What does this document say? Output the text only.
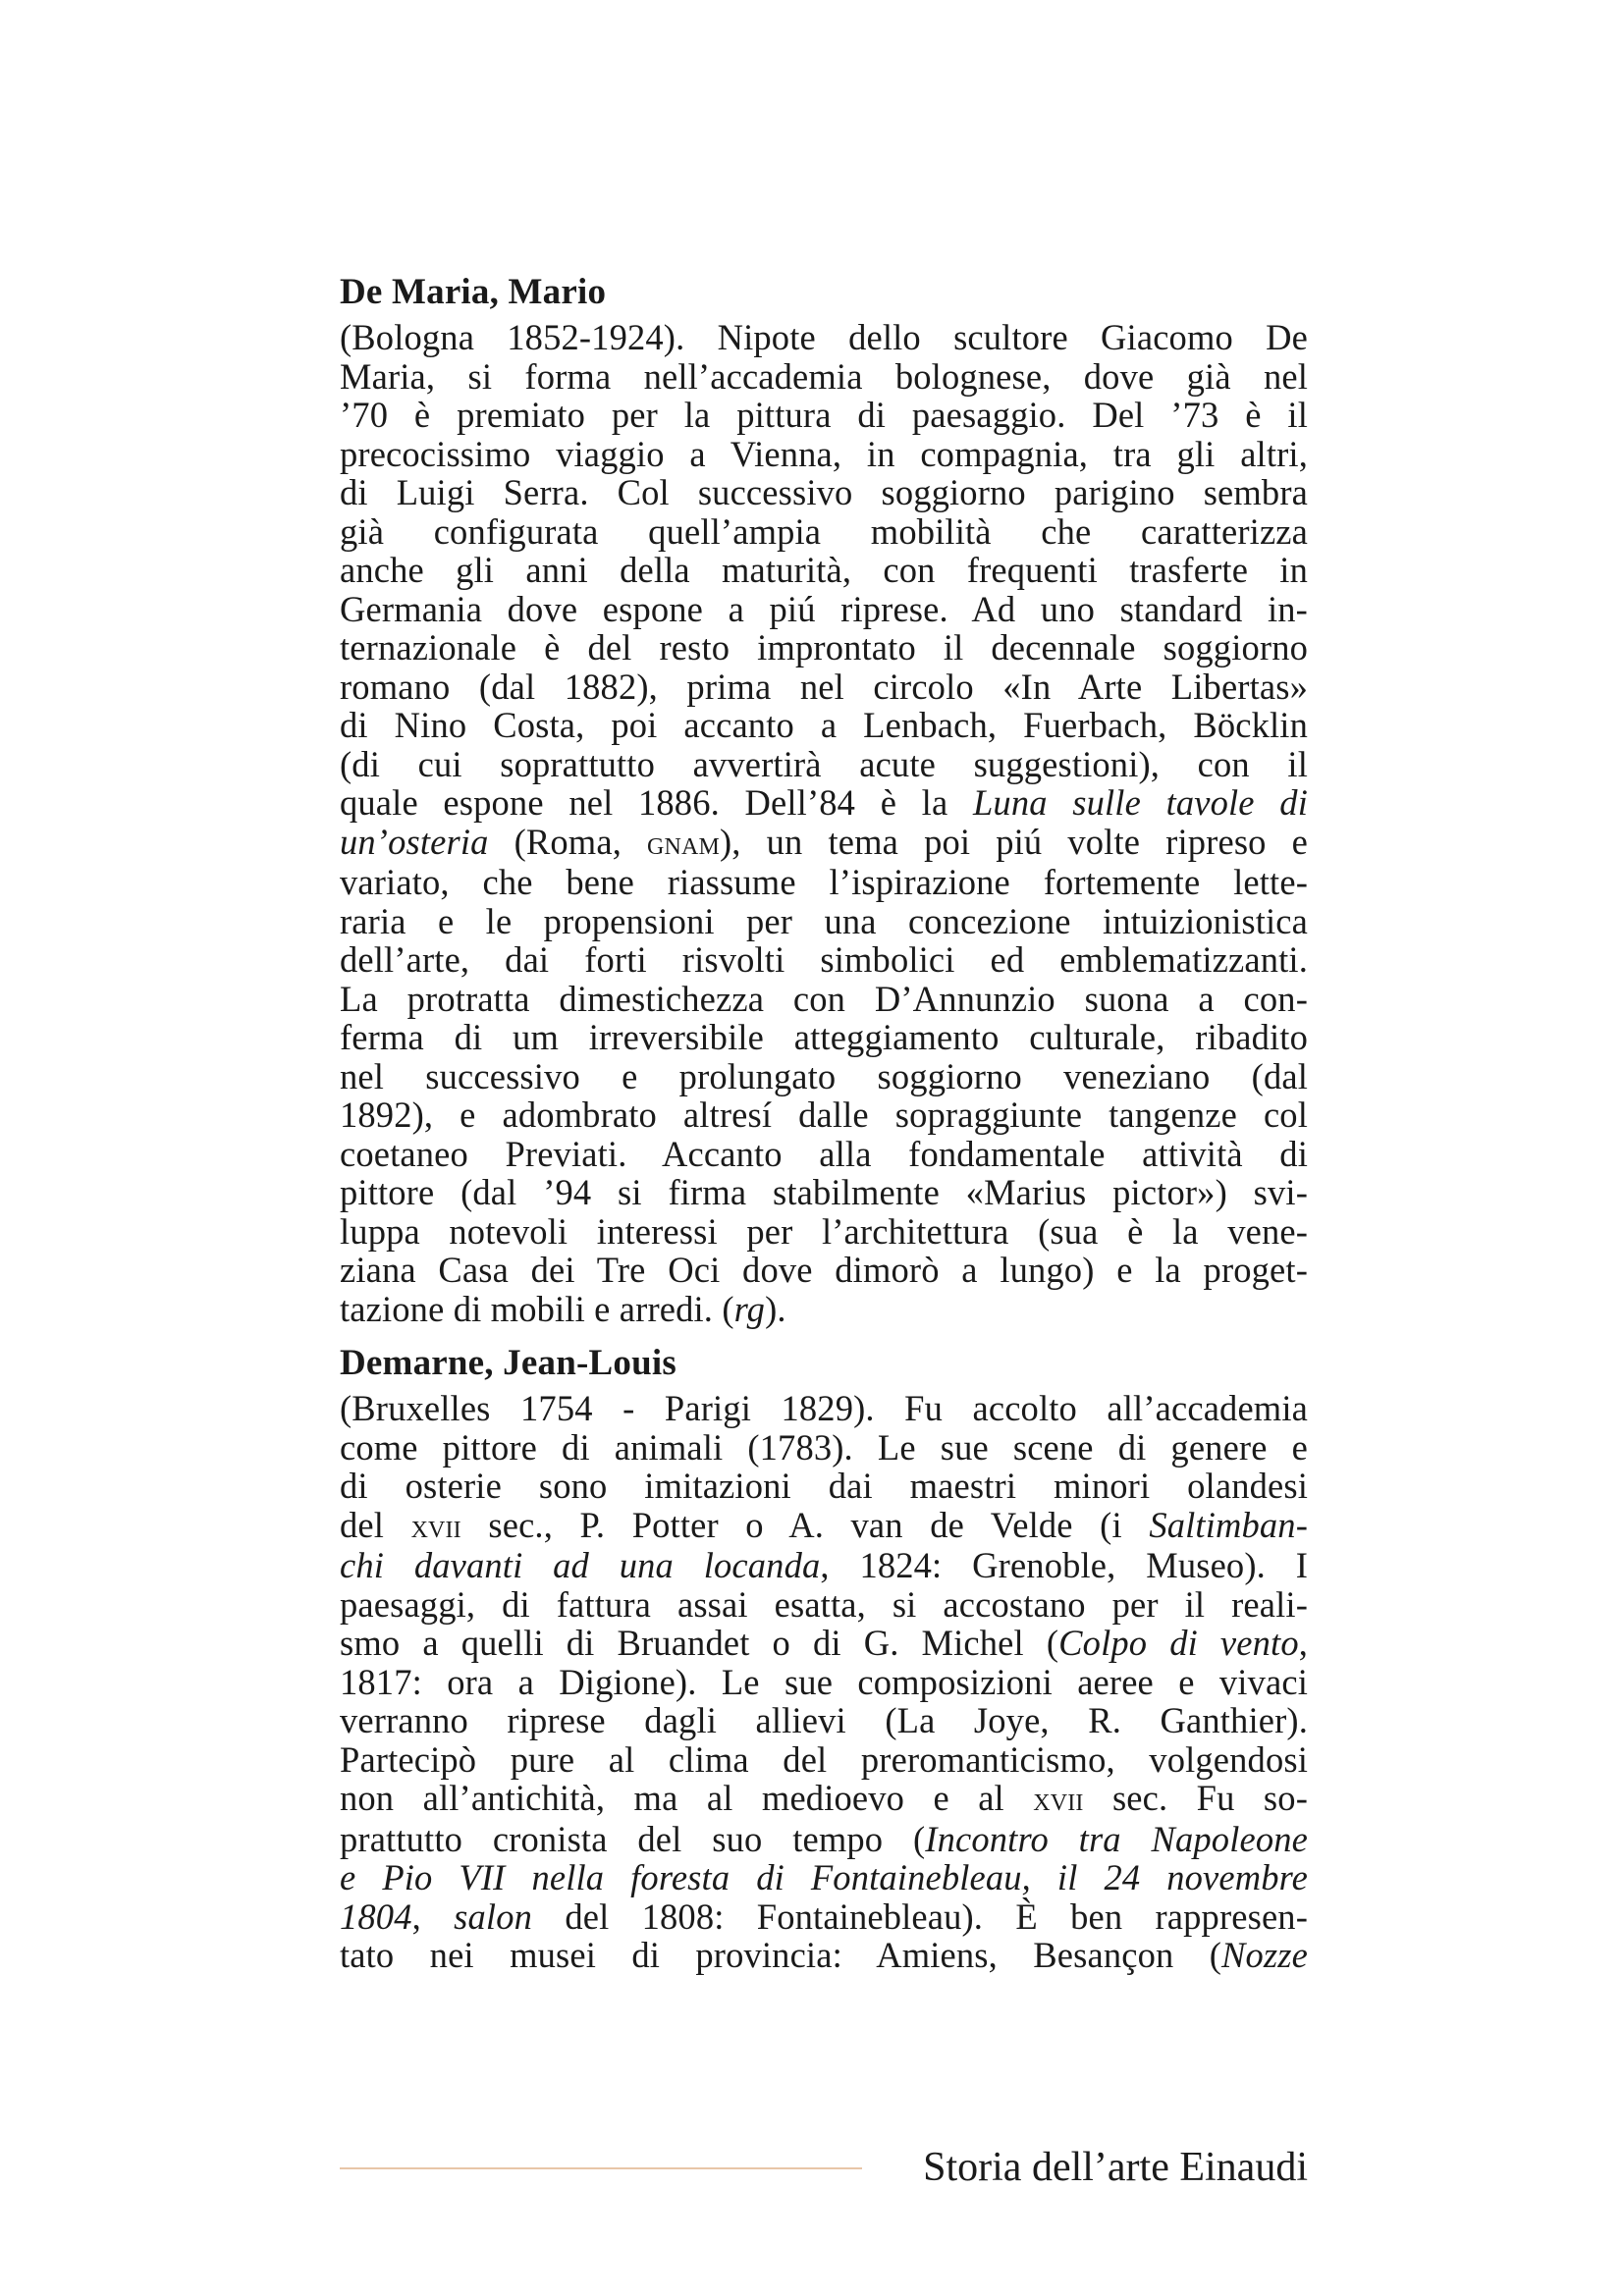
De Maria, Mario

(Bologna 1852-1924). Nipote dello scultore Giacomo De
Maria, si forma nell’accademia bolognese, dove già nel
’70 è premiato per la pittura di paesaggio. Del ’73 è il
precocissimo viaggio a Vienna, in compagnia, tra gli altri,
di Luigi Serra. Col successivo soggiorno parigino sembra
già configurata quell’ampia mobilità che caratterizza
anche gli anni della maturità, con frequenti trasferte in
Germania dove espone a piú riprese. Ad uno standard in-
ternazionale è del resto improntato il decennale soggiorno
romano (dal 1882), prima nel circolo «In Arte Libertas»
di Nino Costa, poi accanto a Lenbach, Fuerbach, Böcklin
(di cui soprattutto avvertirà acute suggestioni), con il
quale espone nel 1886. Dell’84 è la Luna sulle tavole di
un’osteria (Roma, gnam), un tema poi piú volte ripreso e
variato, che bene riassume l’ispirazione fortemente lette-
raria e le propensioni per una concezione intuizionistica
dell’arte, dai forti risvolti simbolici ed emblematizzanti.
La protratta dimestichezza con D’Annunzio suona a con-
ferma di um irreversibile atteggiamento culturale, ribadito
nel successivo e prolungato soggiorno veneziano (dal
1892), e adombrato altresí dalle sopraggiunte tangenze col
coetaneo Previati. Accanto alla fondamentale attività di
pittore (dal ’94 si firma stabilmente «Marius pictor») svi-
luppa notevoli interessi per l’architettura (sua è la vene-
ziana Casa dei Tre Oci dove dimorò a lungo) e la proget-
tazione di mobili e arredi. (rg).

Demarne, Jean-Louis

(Bruxelles 1754 - Parigi 1829). Fu accolto all’accademia
come pittore di animali (1783). Le sue scene di genere e
di osterie sono imitazioni dai maestri minori olandesi
del xvii sec., P. Potter o A. van de Velde (i Saltimban-
chi davanti ad una locanda, 1824: Grenoble, Museo). I
paesaggi, di fattura assai esatta, si accostano per il reali-
smo a quelli di Bruandet o di G. Michel (Colpo di vento,
1817: ora a Digione). Le sue composizioni aeree e vivaci
verranno riprese dagli allievi (La Joye, R. Ganthier).
Partecipò pure al clima del preromanticismo, volgendosi
non all’antichità, ma al medioevo e al xvii sec. Fu so-
prattutto cronista del suo tempo (Incontro tra Napoleone
e Pio VII nella foresta di Fontainebleau, il 24 novembre
1804, salon del 1808: Fontainebleau). È ben rappresen-
tato nei musei di provincia: Amiens, Besançon (Nozze

Storia dell’arte Einaudi
